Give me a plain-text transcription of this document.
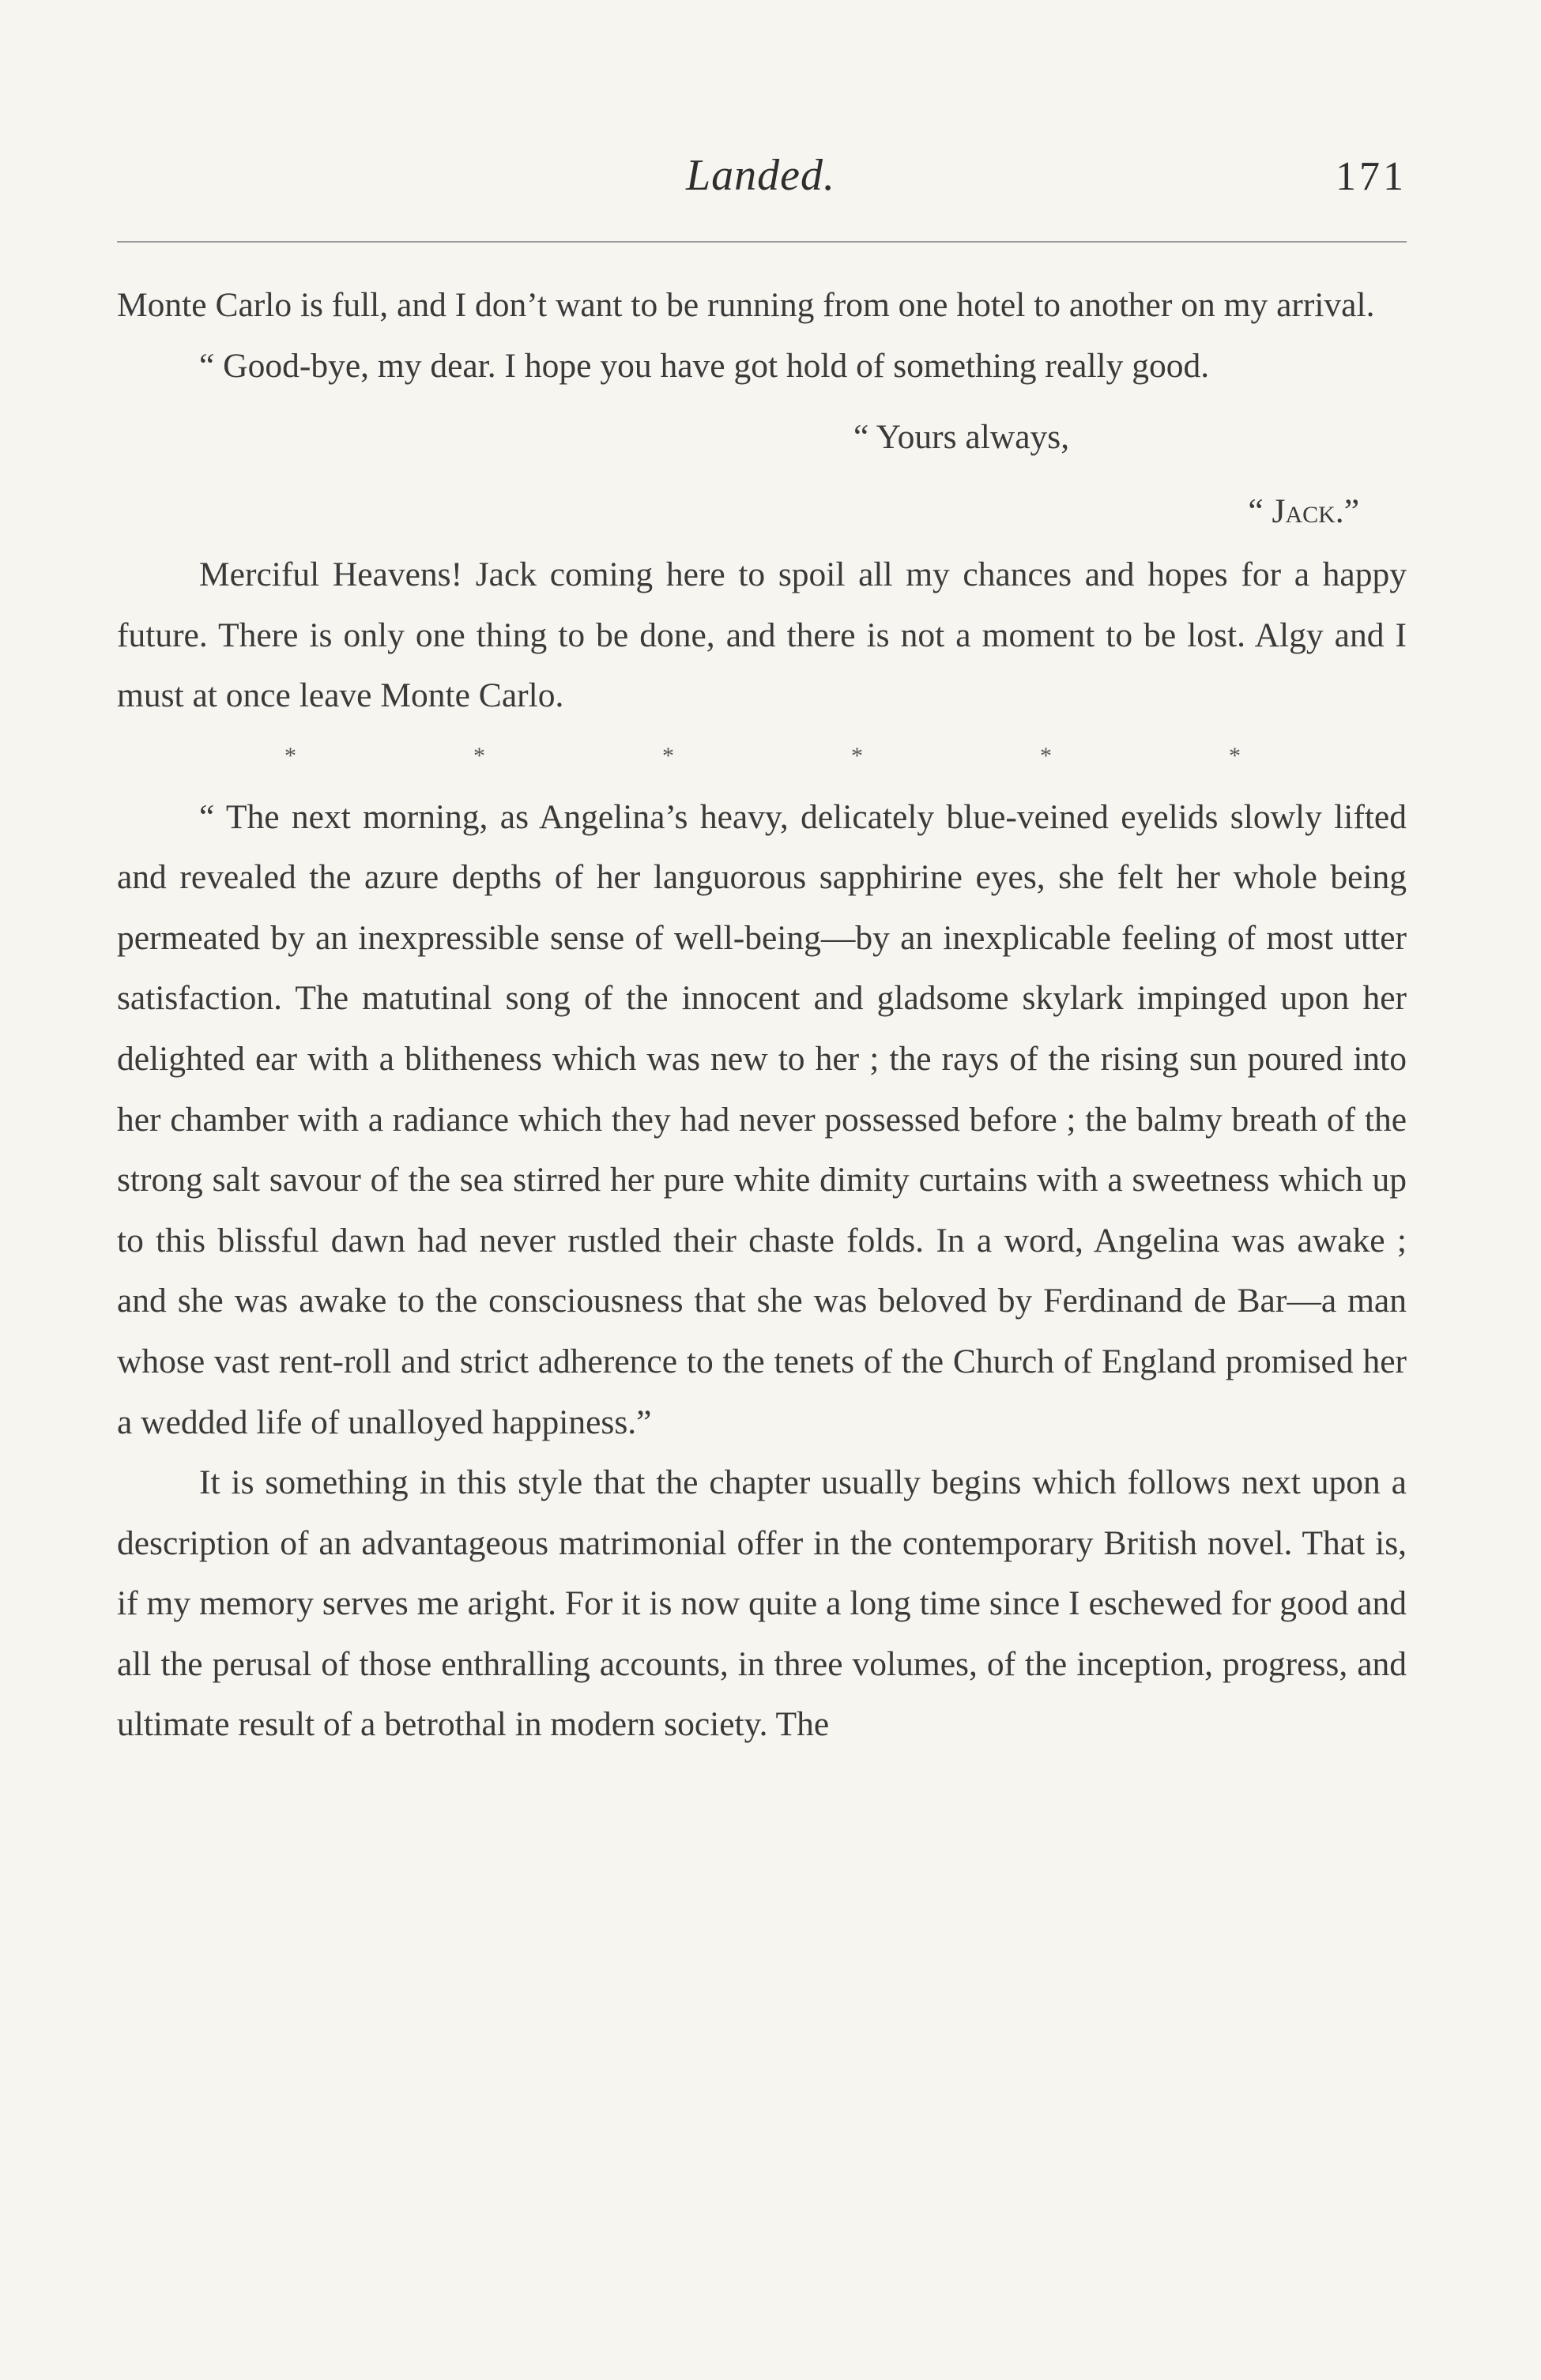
Landed.	171

Monte Carlo is full, and I don’t want to be running from one hotel to another on my arrival.

“ Good-bye, my dear. I hope you have got hold of something really good.

“ Yours always,

“ Jack.”

Merciful Heavens! Jack coming here to spoil all my chances and hopes for a happy future. There is only one thing to be done, and there is not a moment to be lost. Algy and I must at once leave Monte Carlo.

*	*	*	*	*	*

“ The next morning, as Angelina’s heavy, delicately blue-veined eyelids slowly lifted and revealed the azure depths of her languorous sapphirine eyes, she felt her whole being permeated by an inexpressible sense of well-being—by an inexplicable feeling of most utter satisfaction. The matutinal song of the innocent and gladsome skylark impinged upon her delighted ear with a blitheness which was new to her ; the rays of the rising sun poured into her chamber with a radiance which they had never possessed before ; the balmy breath of the strong salt savour of the sea stirred her pure white dimity curtains with a sweetness which up to this blissful dawn had never rustled their chaste folds. In a word, Angelina was awake ; and she was awake to the consciousness that she was beloved by Ferdinand de Bar—a man whose vast rent-roll and strict adherence to the tenets of the Church of England promised her a wedded life of unalloyed happiness.”

It is something in this style that the chapter usually begins which follows next upon a description of an advantageous matrimonial offer in the contemporary British novel. That is, if my memory serves me aright. For it is now quite a long time since I eschewed for good and all the perusal of those enthralling accounts, in three volumes, of the inception, progress, and ultimate result of a betrothal in modern society. The
